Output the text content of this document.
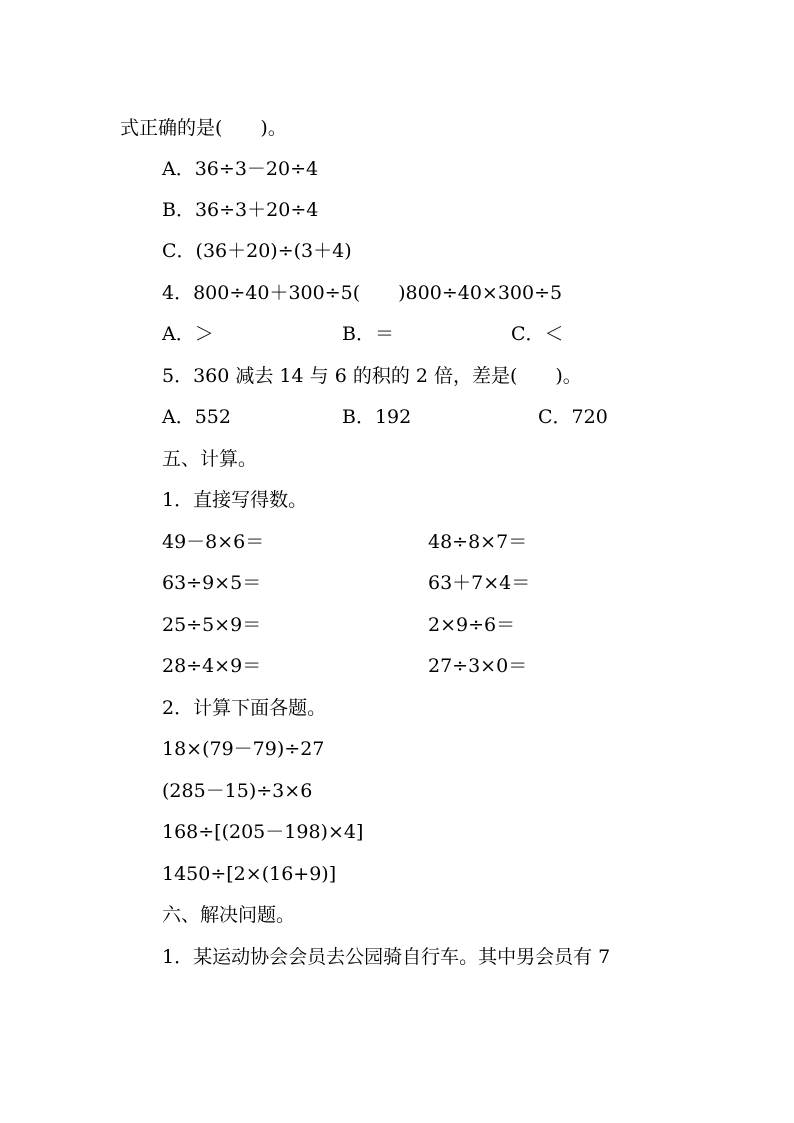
式正确的是(　　)。
A．36÷3－20÷4
B．36÷3＋20÷4
C．(36＋20)÷(3＋4)
4．800÷40＋300÷5(　　)800÷40×300÷5
A．＞	B．＝	C．＜
5．360 减去 14 与 6 的积的 2 倍，差是(　　)。
A．552	B．192	C．720
五、计算。
1．直接写得数。
49－8×6＝	48÷8×7＝
63÷9×5＝	63＋7×4＝
25÷5×9＝	2×9÷6＝
28÷4×9＝	27÷3×0＝
2．计算下面各题。
18×(79－79)÷27
(285－15)÷3×6
168÷[(205－198)×4]
1450÷[2×(16+9)]
六、解决问题。
1．某运动协会会员去公园骑自行车。其中男会员有 7
